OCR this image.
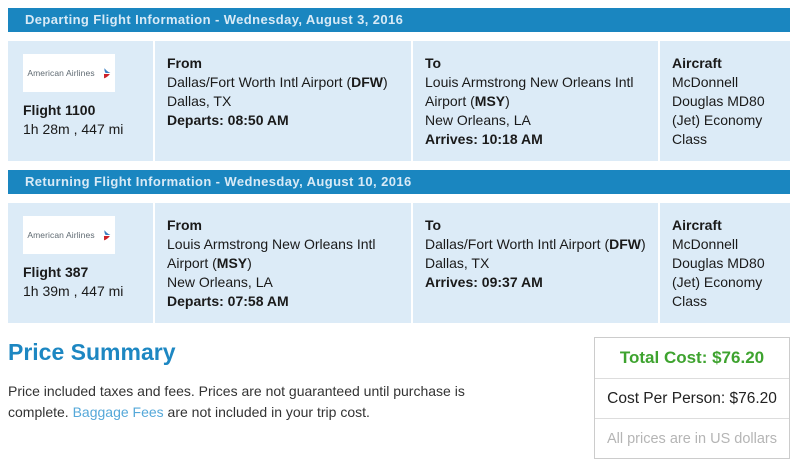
Departing Flight Information - Wednesday, August 3, 2016
American Airlines
Flight 1100
1h 28m , 447 mi
From
Dallas/Fort Worth Intl Airport (DFW)
Dallas, TX
Departs: 08:50 AM
To
Louis Armstrong New Orleans Intl Airport (MSY)
New Orleans, LA
Arrives: 10:18 AM
Aircraft
McDonnell Douglas MD80 (Jet) Economy Class
Returning Flight Information - Wednesday, August 10, 2016
American Airlines
Flight 387
1h 39m , 447 mi
From
Louis Armstrong New Orleans Intl Airport (MSY)
New Orleans, LA
Departs: 07:58 AM
To
Dallas/Fort Worth Intl Airport (DFW)
Dallas, TX
Arrives: 09:37 AM
Aircraft
McDonnell Douglas MD80 (Jet) Economy Class
Price Summary

Price included taxes and fees. Prices are not guaranteed until purchase is complete. Baggage Fees are not included in your trip cost.

Total Cost: $76.20
Cost Per Person: $76.20
All prices are in US dollars
